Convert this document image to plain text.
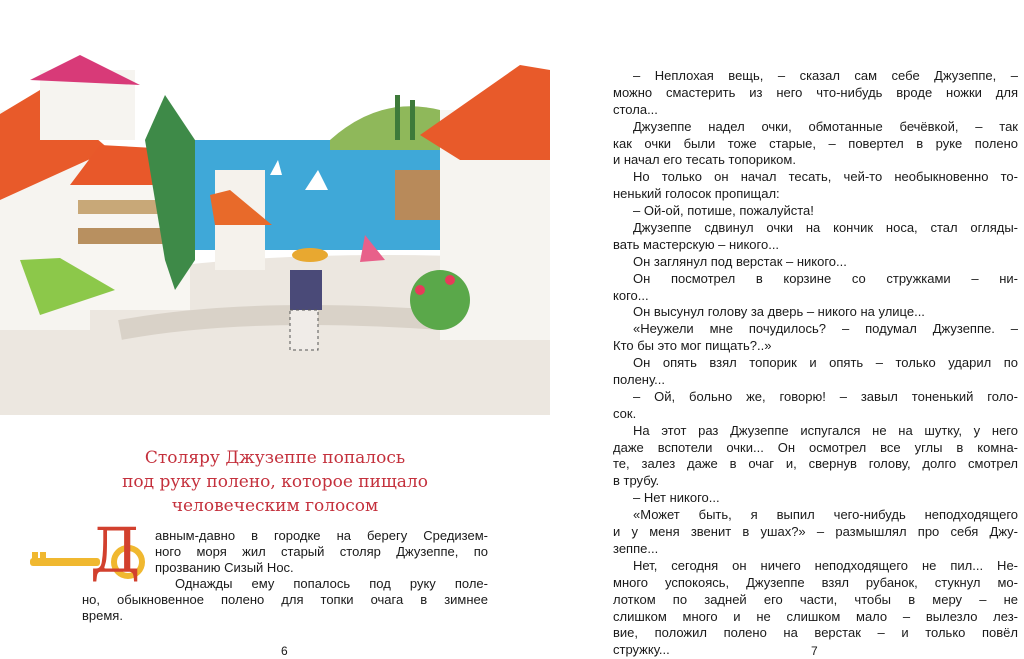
Столяру Джузеппе попалось
под руку полено, которое пищало
человеческим голосом
Д авным-давно в городке на берегу Средизем-
ного моря жил старый столяр Джузеппе, по
прозванию Сизый Нос.
Однажды ему попалось под руку поле-
но, обыкновенное полено для топки очага в зимнее
время.
– Неплохая вещь, – сказал сам себе Джузеппе, –
можно смастерить из него что-нибудь вроде ножки для
стола...
Джузеппе надел очки, обмотанные бечёвкой, – так
как очки были тоже старые, – повертел в руке полено
и начал его тесать топориком.
Но только он начал тесать, чей-то необыкновенно то-
ненький голосок пропищал:
– Ой-ой, потише, пожалуйста!
Джузеппе сдвинул очки на кончик носа, стал огляды-
вать мастерскую – никого...
Он заглянул под верстак – никого...
Он посмотрел в корзине со стружками – ни-
кого...
Он высунул голову за дверь – никого на улице...
«Неужели мне почудилось? – подумал Джузеппе. –
Кто бы это мог пищать?..»
Он опять взял топорик и опять – только ударил по
полену...
– Ой, больно же, говорю! – завыл тоненький голо-
сок.
На этот раз Джузеппе испугался не на шутку, у него
даже вспотели очки... Он осмотрел все углы в комна-
те, залез даже в очаг и, свернув голову, долго смотрел
в трубу.
– Нет никого...
«Может быть, я выпил чего-нибудь неподходящего
и у меня звенит в ушах?» – размышлял про себя Джу-
зеппе...
Нет, сегодня он ничего неподходящего не пил... Не-
много успокоясь, Джузеппе взял рубанок, стукнул мо-
лотком по задней его части, чтобы в меру – не
слишком много и не слишком мало – вылезло лез-
вие, положил полено на верстак – и только повёл
стружку...
6	7
